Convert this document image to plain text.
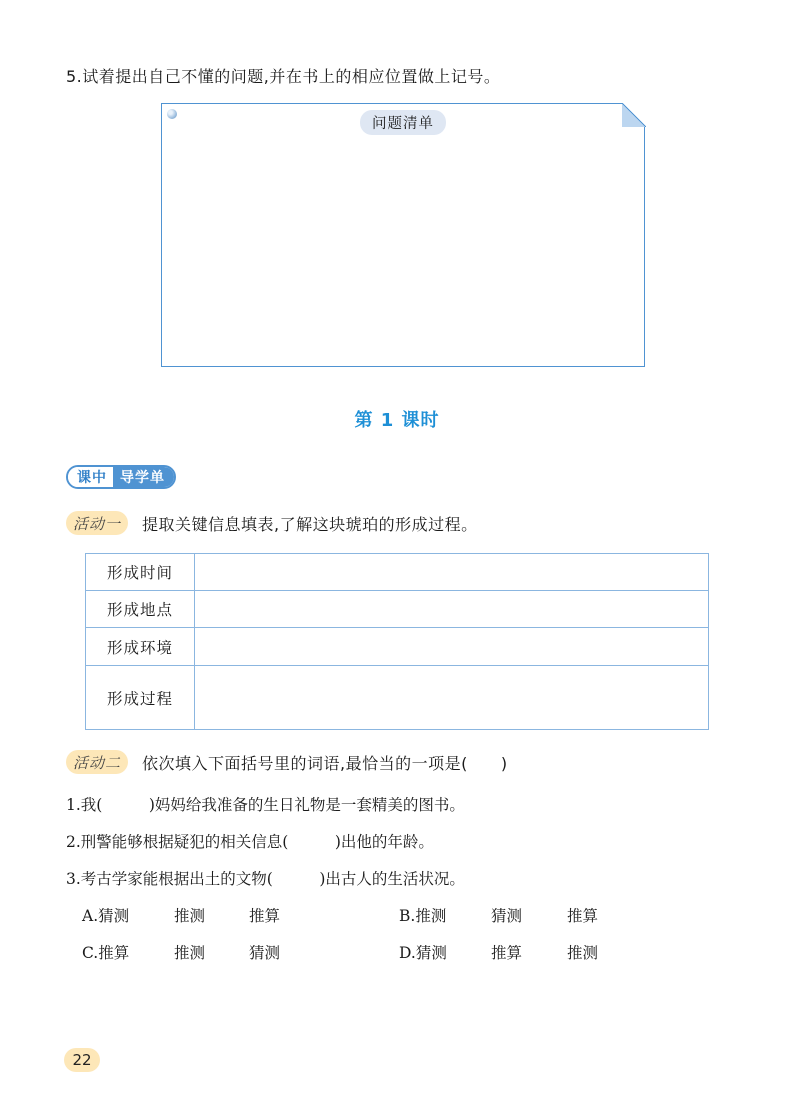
5.试着提出自己不懂的问题,并在书上的相应位置做上记号。
问题清单
第 1 课时
课中 导学单
活动一	提取关键信息填表,了解这块琥珀的形成过程。
形成时间	
形成地点	
形成环境	
形成过程	
活动二	依次填入下面括号里的词语,最恰当的一项是(　　)
1.我(　　　)妈妈给我准备的生日礼物是一套精美的图书。
2.刑警能够根据疑犯的相关信息(　　　)出他的年龄。
3.考古学家能根据出土的文物(　　　)出古人的生活状况。
A.猜测	推测	推算	B.推测	猜测	推算
C.推算	推测	猜测	D.猜测	推算	推测
22
